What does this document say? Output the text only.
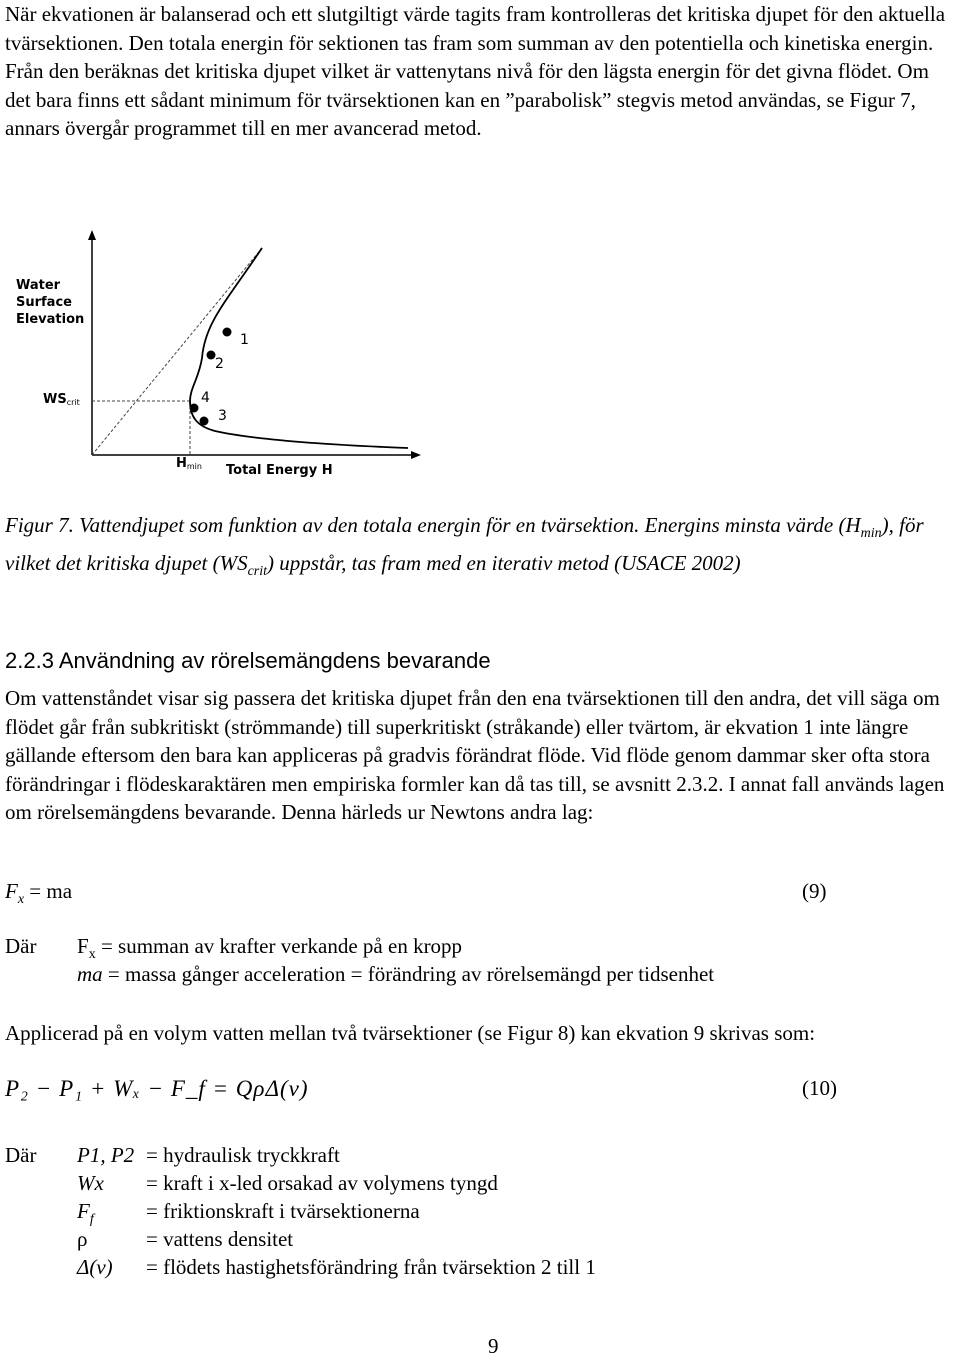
När ekvationen är balanserad och ett slutgiltigt värde tagits fram kontrolleras det kritiska djupet för den aktuella tvärsektionen. Den totala energin för sektionen tas fram som summan av den potentiella och kinetiska energin. Från den beräknas det kritiska djupet vilket är vattenytans nivå för den lägsta energin för det givna flödet. Om det bara finns ett sådant minimum för tvärsektionen kan en ”parabolisk” stegvis metod användas, se Figur 7, annars övergår programmet till en mer avancerad metod.

1
2
4
3
Water
Surface
Elevation
WScrit
Hmin Total Energy H

Figur 7. Vattendjupet som funktion av den totala energin för en tvärsektion. Energins minsta värde $(H_{min})$, för vilket det kritiska djupet $(WS_{crit})$ uppstår, tas fram med en iterativ metod (USACE 2002)

2.2.3 Användning av rörelsemängdens bevarande

Om vattenståndet visar sig passera det kritiska djupet från den ena tvärsektionen till den andra, det vill säga om flödet går från subkritiskt (strömmande) till superkritiskt (stråkande) eller tvärtom, är ekvation 1 inte längre gällande eftersom den bara kan appliceras på gradvis förändrat flöde. Vid flöde genom dammar sker ofta stora förändringar i flödeskaraktären men empiriska formler kan då tas till, se avsnitt 2.3.2. I annat fall används lagen om rörelsemängdens bevarande. Denna härleds ur Newtons andra lag:

$F_x$ = ma	(9)
Där $F_x$ = summan av krafter verkande på en kropp
ma = massa gånger acceleration = förändring av rörelsemängd per tidsenhet

Applicerad på en volym vatten mellan två tvärsektioner (se Figur 8) kan ekvation 9 skrivas som:

P₂ − P₁ + Wₓ − F_f = QρΔ(v)	(10)
Där P1, P2 = hydraulisk tryckkraft
Wx = kraft i x-led orsakad av volymens tyngd
$F_f$ = friktionskraft i tvärsektionerna
ρ	= vattens densitet
Δ(v) = flödets hastighetsförändring från tvärsektion 2 till 1
9
